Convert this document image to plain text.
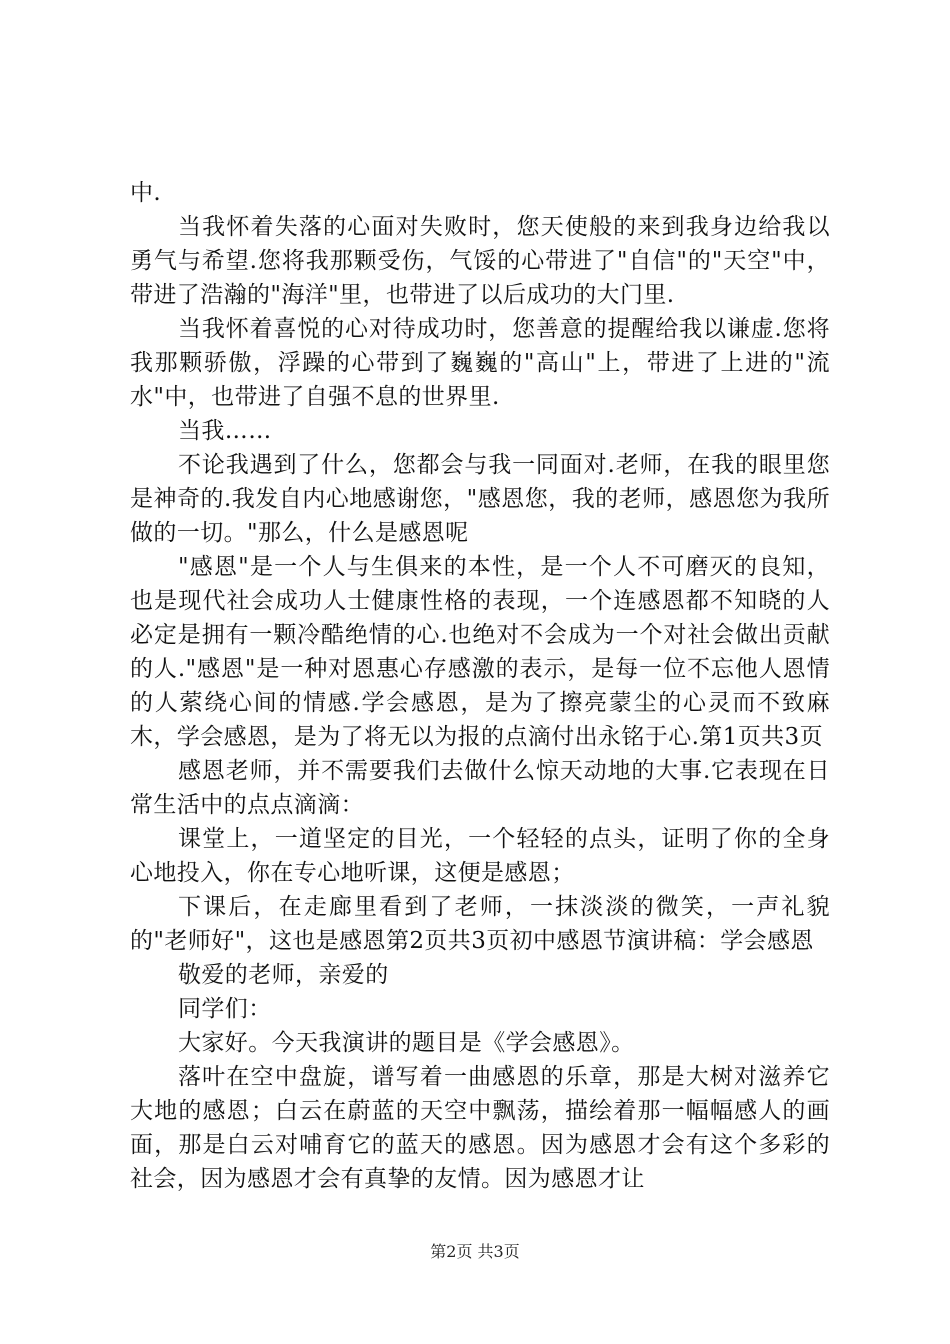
中.

当我怀着失落的心面对失败时，您天使般的来到我身边给我以勇气与希望.您将我那颗受伤，气馁的心带进了"自信"的"天空"中，带进了浩瀚的"海洋"里，也带进了以后成功的大门里.

当我怀着喜悦的心对待成功时，您善意的提醒给我以谦虚.您将我那颗骄傲，浮躁的心带到了巍巍的"高山"上，带进了上进的"流水"中，也带进了自强不息的世界里.

当我……

不论我遇到了什么，您都会与我一同面对.老师，在我的眼里您是神奇的.我发自内心地感谢您，"感恩您，我的老师，感恩您为我所做的一切。"那么，什么是感恩呢

"感恩"是一个人与生俱来的本性，是一个人不可磨灭的良知，也是现代社会成功人士健康性格的表现，一个连感恩都不知晓的人必定是拥有一颗冷酷绝情的心.也绝对不会成为一个对社会做出贡献的人."感恩"是一种对恩惠心存感激的表示，是每一位不忘他人恩情的人萦绕心间的情感.学会感恩，是为了擦亮蒙尘的心灵而不致麻木，学会感恩，是为了将无以为报的点滴付出永铭于心.第1页共3页

感恩老师，并不需要我们去做什么惊天动地的大事.它表现在日常生活中的点点滴滴：

课堂上，一道坚定的目光，一个轻轻的点头，证明了你的全身心地投入，你在专心地听课，这便是感恩；

下课后，在走廊里看到了老师，一抹淡淡的微笑，一声礼貌的"老师好"，这也是感恩第2页共3页初中感恩节演讲稿：学会感恩

敬爱的老师，亲爱的

同学们：

大家好。今天我演讲的题目是《学会感恩》。

落叶在空中盘旋，谱写着一曲感恩的乐章，那是大树对滋养它大地的感恩；白云在蔚蓝的天空中飘荡，描绘着那一幅幅感人的画面，那是白云对哺育它的蓝天的感恩。因为感恩才会有这个多彩的社会，因为感恩才会有真挚的友情。因为感恩才让

第2页 共3页
